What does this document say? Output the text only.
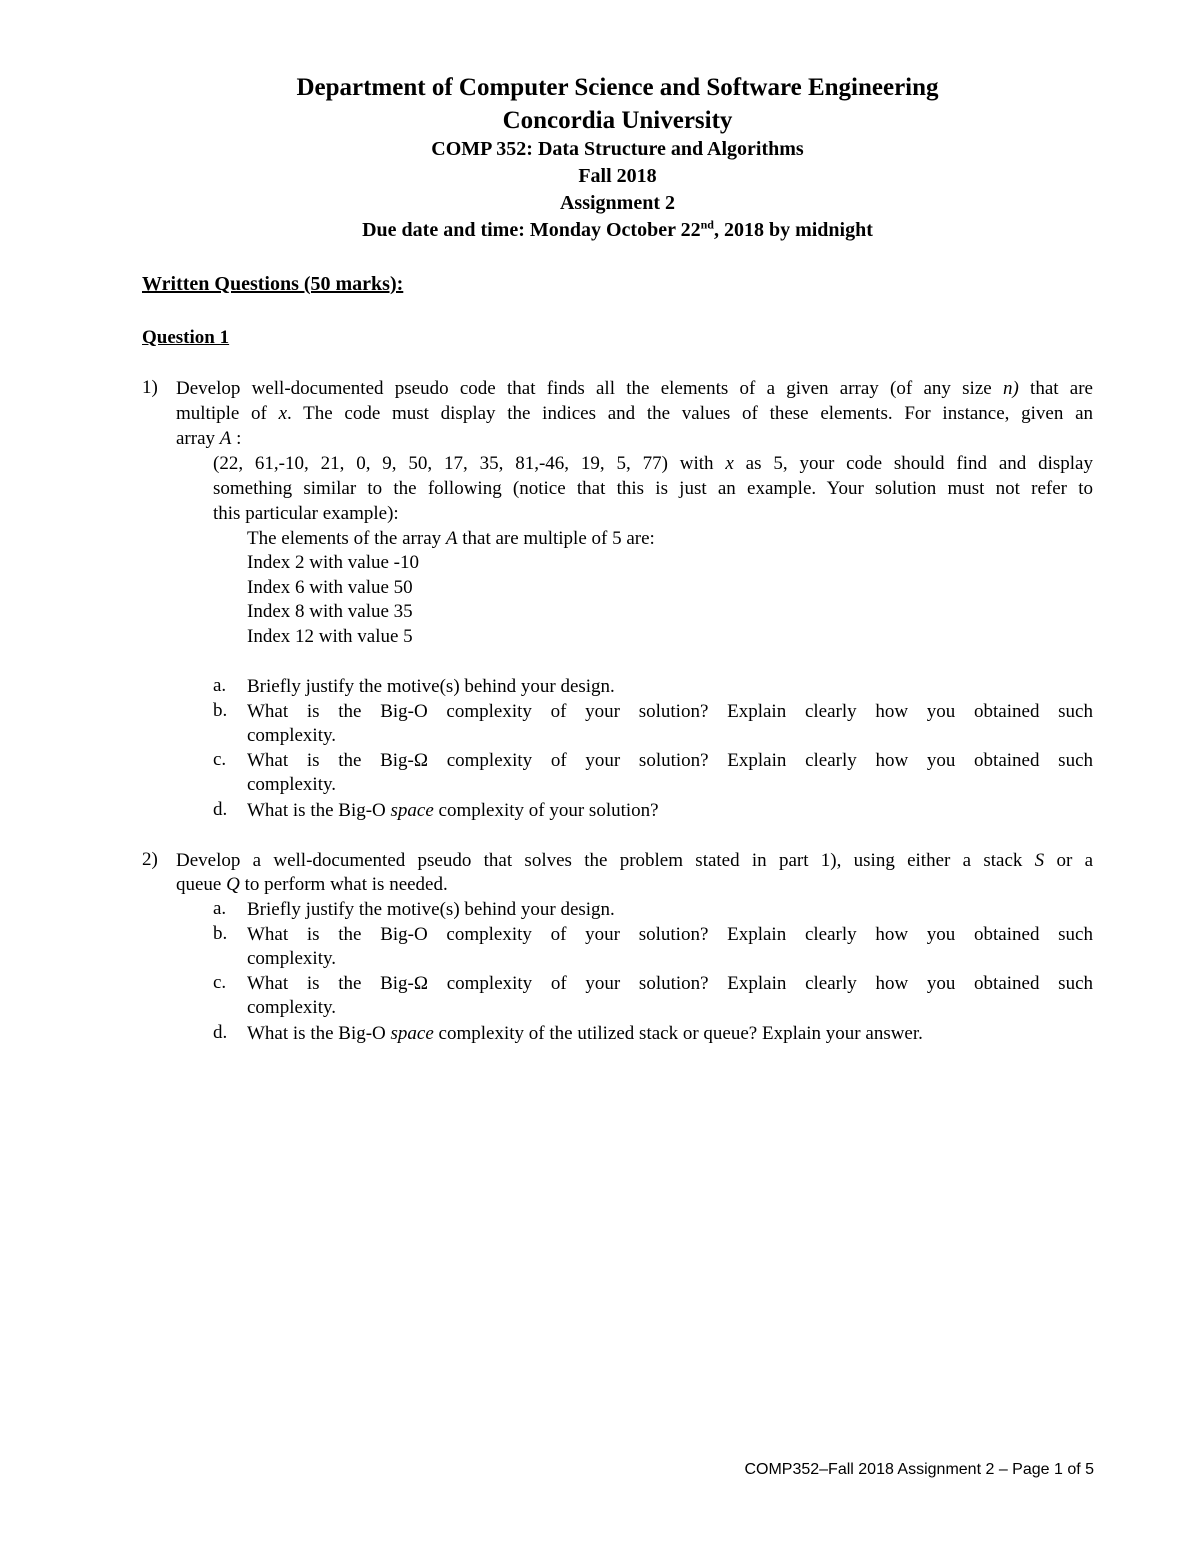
Department of Computer Science and Software Engineering
Concordia University
COMP 352: Data Structure and Algorithms
Fall 2018
Assignment 2
Due date and time: Monday October 22nd, 2018 by midnight
Written Questions (50 marks):
Question 1
1) Develop well-documented pseudo code that finds all the elements of a given array (of any size n) that are
multiple of x. The code must display the indices and the values of these elements. For instance, given an
array A :
(22, 61,-10, 21, 0, 9, 50, 17, 35, 81,-46, 19, 5, 77) with x as 5, your code should find and display
something similar to the following (notice that this is just an example. Your solution must not refer to
this particular example):
The elements of the array A that are multiple of 5 are:
Index 2 with value -10
Index 6 with value 50
Index 8 with value 35
Index 12 with value 5
a. Briefly justify the motive(s) behind your design.
b. What is the Big-O complexity of your solution? Explain clearly how you obtained such
complexity.
c. What is the Big-Ω complexity of your solution? Explain clearly how you obtained such
complexity.
d. What is the Big-O space complexity of your solution?
2) Develop a well-documented pseudo that solves the problem stated in part 1), using either a stack S or a
queue Q to perform what is needed.
a. Briefly justify the motive(s) behind your design.
b. What is the Big-O complexity of your solution? Explain clearly how you obtained such
complexity.
c. What is the Big-Ω complexity of your solution? Explain clearly how you obtained such
complexity.
d. What is the Big-O space complexity of the utilized stack or queue? Explain your answer.
COMP352–Fall 2018 Assignment 2 – Page 1 of 5
